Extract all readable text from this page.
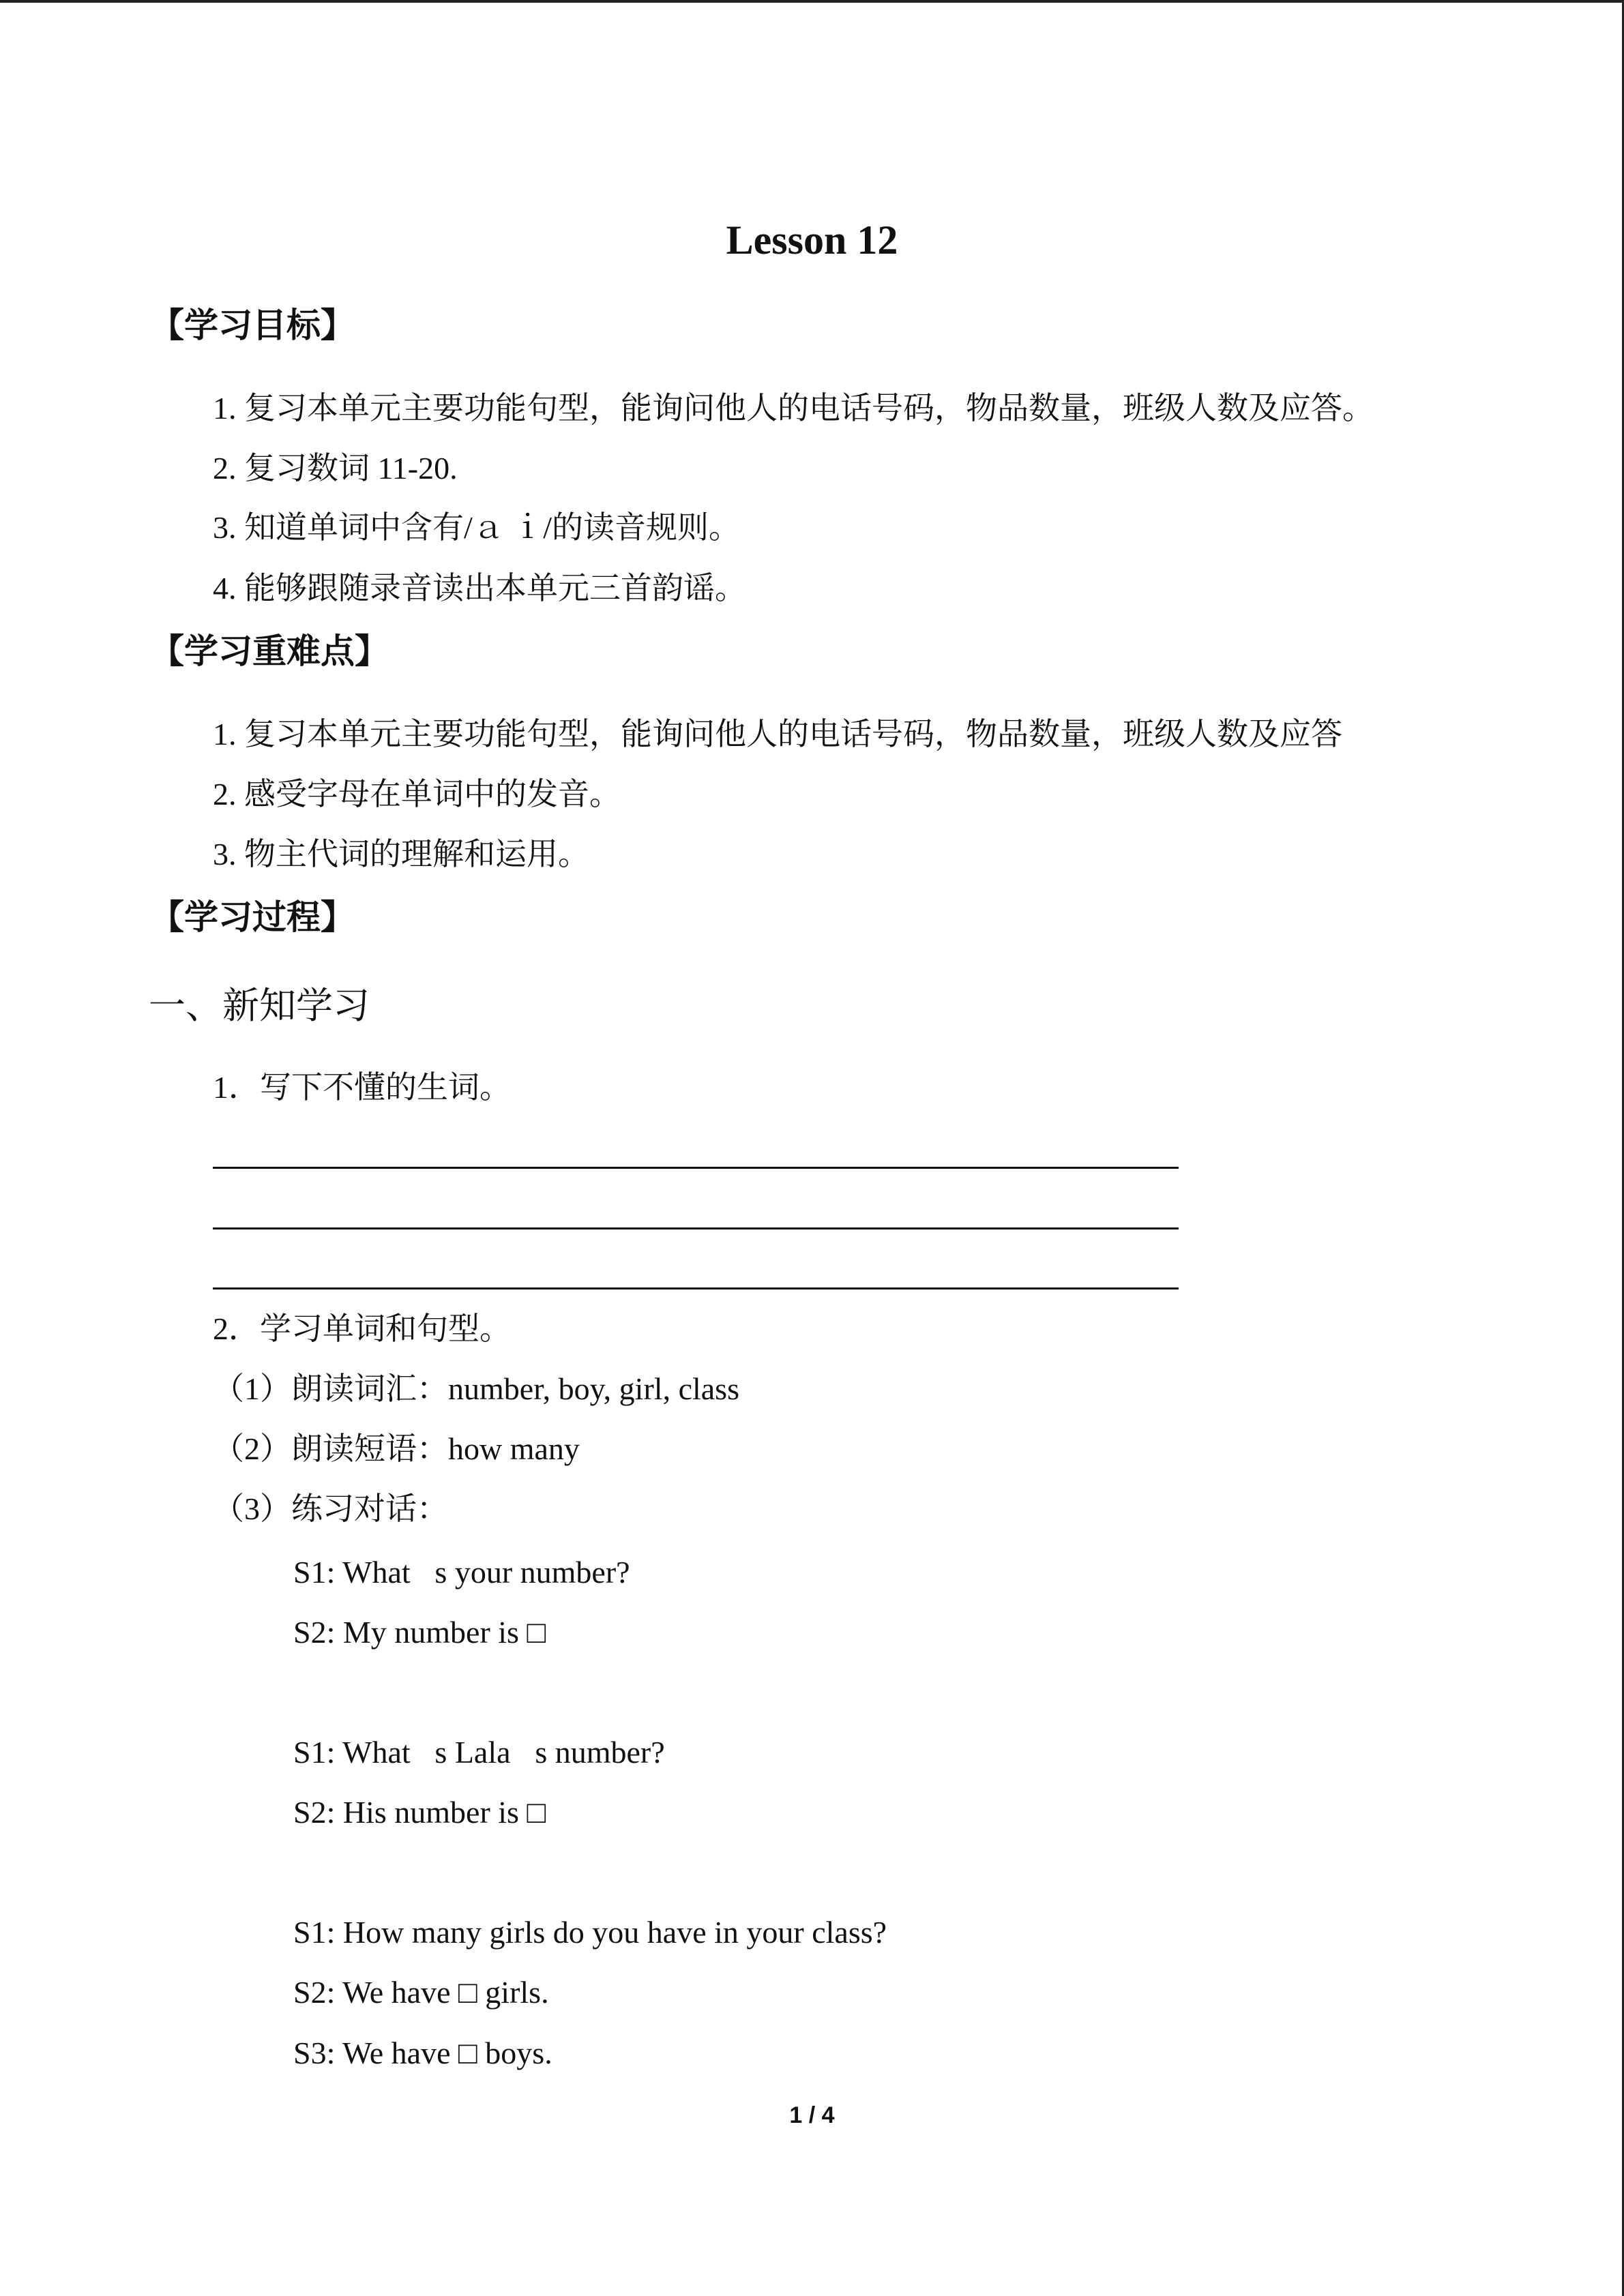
Lesson 12
【学习目标】
1. 复习本单元主要功能句型，能询问他人的电话号码，物品数量，班级人数及应答。
2. 复习数词 11-20.
3. 知道单词中含有/ａ ｉ/的读音规则。
4. 能够跟随录音读出本单元三首韵谣。
【学习重难点】
1. 复习本单元主要功能句型，能询问他人的电话号码，物品数量，班级人数及应答
2. 感受字母在单词中的发音。
3. 物主代词的理解和运用。
【学习过程】
一、新知学习
1．写下不懂的生词。
2．学习单词和句型。
（1）朗读词汇：number, boy, girl, class
（2）朗读短语：how many
（3）练习对话：
S1: What⃞s your number?
S2: My number is □
S1: What⃞s Lala⃞s number?
S2: His number is □
S1: How many girls do you have in your class?
S2: We have □ girls.
S3: We have □ boys.
1 / 4
